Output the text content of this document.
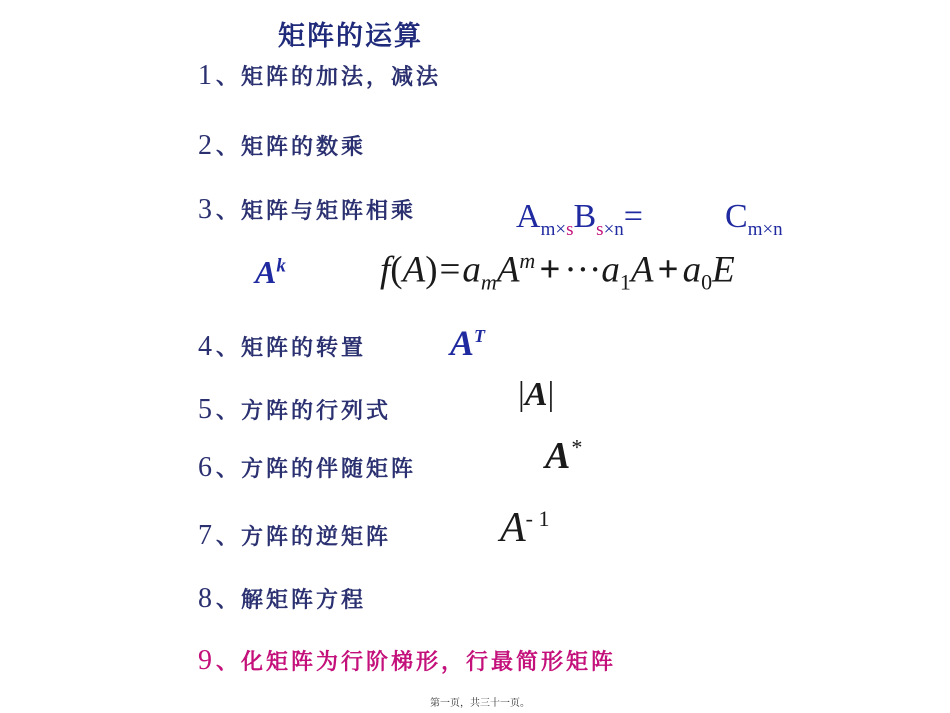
矩阵的运算
1 、矩阵的加法，减法
2 、矩阵的数乘
3 、矩阵与矩阵相乘
4 、矩阵的转置
5 、方阵的行列式
6 、方阵的伴随矩阵
7 、方阵的逆矩阵
8 、解矩阵方程
9 、化矩阵为行阶梯形，行最简形矩阵
$A_{m\times s}B_{s\times n}= C_{m\times n}$
$A^k$	$f(A)=a_mA^m + \cdot\cdot\cdot a_1A + a_0E$
$A^T$
|A|
A*
$A^{- 1}$
第一页，共三十一页。
